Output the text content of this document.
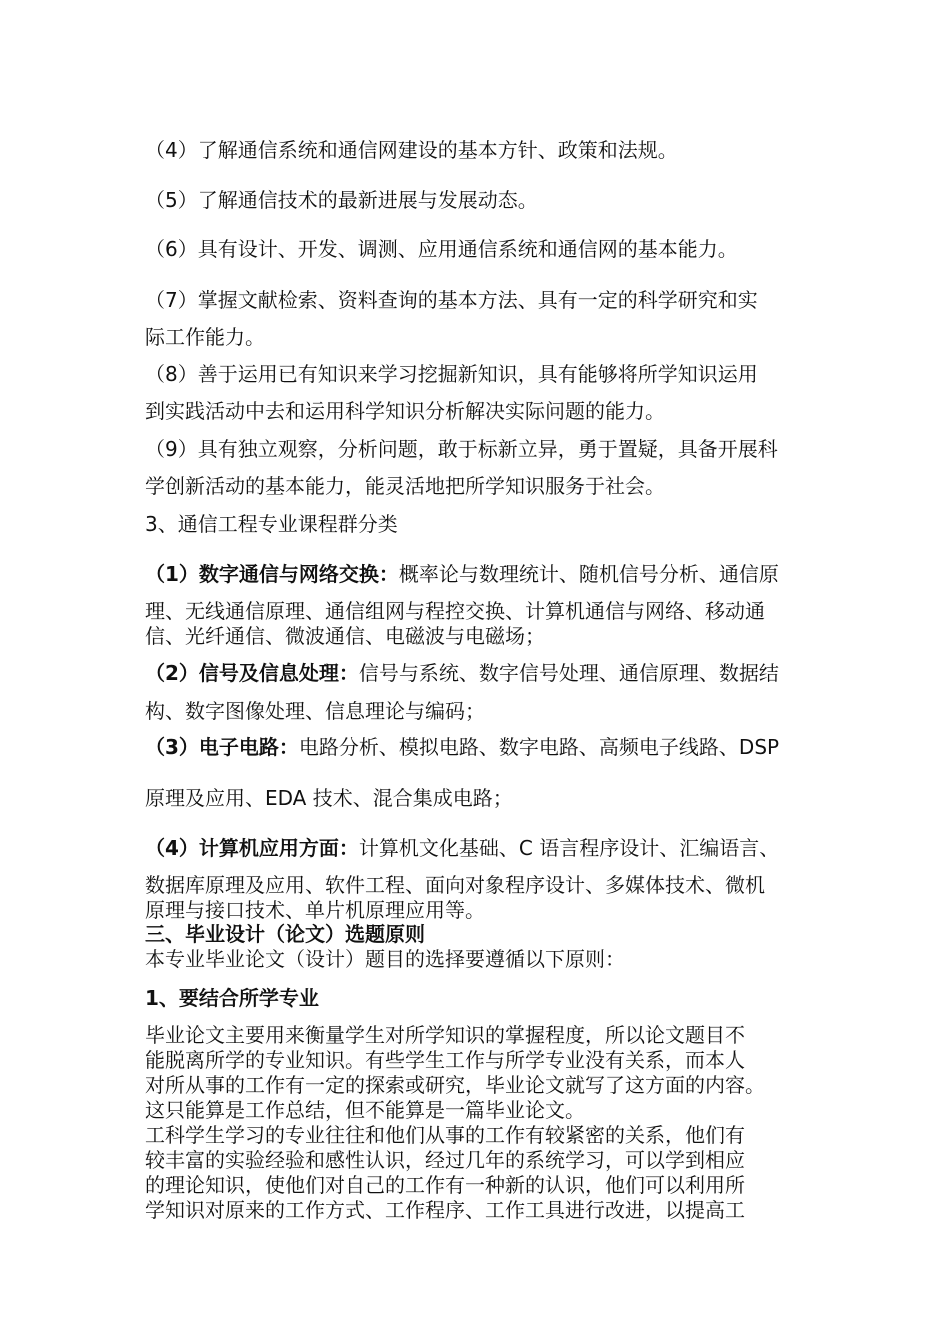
（4）了解通信系统和通信网建设的基本方针、政策和法规。
（5）了解通信技术的最新进展与发展动态。
（6）具有设计、开发、调测、应用通信系统和通信网的基本能力。
（7）掌握文献检索、资料查询的基本方法、具有一定的科学研究和实
际工作能力。
（8）善于运用已有知识来学习挖掘新知识，具有能够将所学知识运用
到实践活动中去和运用科学知识分析解决实际问题的能力。
（9）具有独立观察，分析问题，敢于标新立异，勇于置疑，具备开展科
学创新活动的基本能力，能灵活地把所学知识服务于社会。
3、通信工程专业课程群分类
（1）数字通信与网络交换：概率论与数理统计、随机信号分析、通信原
理、无线通信原理、通信组网与程控交换、计算机通信与网络、移动通
信、光纤通信、微波通信、电磁波与电磁场；
（2）信号及信息处理：信号与系统、数字信号处理、通信原理、数据结
构、数字图像处理、信息理论与编码；
（3）电子电路：电路分析、模拟电路、数字电路、高频电子线路、DSP
原理及应用、EDA 技术、混合集成电路；
（4）计算机应用方面：计算机文化基础、C 语言程序设计、汇编语言、
数据库原理及应用、软件工程、面向对象程序设计、多媒体技术、微机
原理与接口技术、单片机原理应用等。
三、毕业设计（论文）选题原则
本专业毕业论文（设计）题目的选择要遵循以下原则：
1、要结合所学专业
毕业论文主要用来衡量学生对所学知识的掌握程度，所以论文题目不
能脱离所学的专业知识。有些学生工作与所学专业没有关系，而本人
对所从事的工作有一定的探索或研究，毕业论文就写了这方面的内容。
这只能算是工作总结，但不能算是一篇毕业论文。
工科学生学习的专业往往和他们从事的工作有较紧密的关系，他们有
较丰富的实验经验和感性认识，经过几年的系统学习，可以学到相应
的理论知识，使他们对自己的工作有一种新的认识，他们可以利用所
学知识对原来的工作方式、工作程序、工作工具进行改进，以提高工
